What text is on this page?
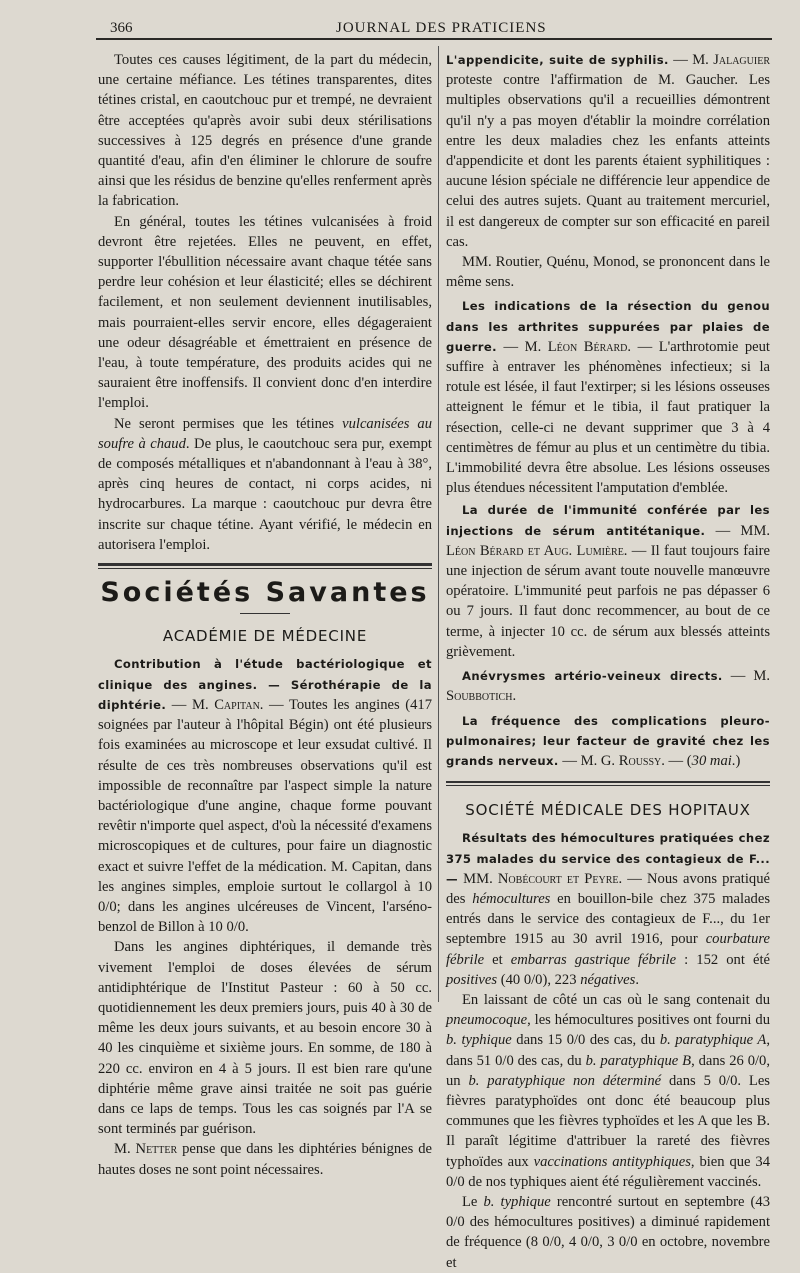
366	JOURNAL DES PRATICIENS

Toutes ces causes légitiment, de la part du médecin, une certaine méfiance. Les tétines transparentes, dites tétines cristal, en caoutchouc pur et trempé, ne devraient être acceptées qu'après avoir subi deux stérilisations successives à 125 degrés en présence d'une grande quantité d'eau, afin d'en éliminer le chlorure de soufre ainsi que les résidus de benzine qu'elles renferment après la fabrication.

En général, toutes les tétines vulcanisées à froid devront être rejetées. Elles ne peuvent, en effet, supporter l'ébullition nécessaire avant chaque tétée sans perdre leur cohésion et leur élasticité; elles se déchirent facilement, et non seulement deviennent inutilisables, mais pourraient-elles servir encore, elles dégageraient une odeur désagréable et émettraient en présence de l'eau, à toute température, des produits acides qui ne sauraient être inoffensifs. Il convient donc d'en interdire l'emploi.

Ne seront permises que les tétines vulcanisées au soufre à chaud. De plus, le caoutchouc sera pur, exempt de composés métalliques et n'abandonnant à l'eau à 38°, après cinq heures de contact, ni corps acides, ni hydrocarbures. La marque : caoutchouc pur devra être inscrite sur chaque tétine. Ayant vérifié, le médecin en autorisera l'emploi.

Sociétés Savantes
ACADÉMIE DE MÉDECINE

Contribution à l'étude bactériologique et clinique des angines. — Sérothérapie de la diphtérie. — M. Capitan. — Toutes les angines (417 soignées par l'auteur à l'hôpital Bégin) ont été plusieurs fois examinées au microscope et leur exsudat cultivé. Il résulte de ces très nombreuses observations qu'il est impossible de reconnaître par l'aspect simple la nature bactériologique d'une angine, chaque forme pouvant revêtir n'importe quel aspect, d'où la nécessité d'examens microscopiques et de cultures, pour faire un diagnostic exact et suivre l'effet de la médication. M. Capitan, dans les angines simples, emploie surtout le collargol à 10 0/0; dans les angines ulcéreuses de Vincent, l'arséno-benzol de Billon à 10 0/0.

Dans les angines diphtériques, il demande très vivement l'emploi de doses élevées de sérum antidiphtérique de l'Institut Pasteur : 60 à 50 cc. quotidiennement les deux premiers jours, puis 40 à 30 de même les deux jours suivants, et au besoin encore 30 à 40 les cinquième et sixième jours. En somme, de 180 à 220 cc. environ en 4 à 5 jours. Il est bien rare qu'une diphtérie même grave ainsi traitée ne soit pas guérie dans ce laps de temps. Tous les cas soignés par l'A se sont terminés par guérison.

M. Netter pense que dans les diphtéries bénignes de hautes doses ne sont point nécessaires.

L'appendicite, suite de syphilis. — M. Jalaguier proteste contre l'affirmation de M. Gaucher. Les multiples observations qu'il a recueillies démontrent qu'il n'y a pas moyen d'établir la moindre corrélation entre les deux maladies chez les enfants atteints d'appendicite et dont les parents étaient syphilitiques : aucune lésion spéciale ne différencie leur appendice de celui des autres sujets. Quant au traitement mercuriel, il est dangereux de compter sur son efficacité en pareil cas.

MM. Routier, Quénu, Monod, se prononcent dans le même sens.

Les indications de la résection du genou dans les arthrites suppurées par plaies de guerre. — M. Léon Bérard. — L'arthrotomie peut suffire à entraver les phénomènes infectieux; si la rotule est lésée, il faut l'extirper; si les lésions osseuses atteignent le fémur et le tibia, il faut pratiquer la résection, celle-ci ne devant supprimer que 3 à 4 centimètres de fémur au plus et un centimètre du tibia. L'immobilité devra être absolue. Les lésions osseuses plus étendues nécessitent l'amputation d'emblée.

La durée de l'immunité conférée par les injections de sérum antitétanique. — MM. Léon Bérard et Aug. Lumière. — Il faut toujours faire une injection de sérum avant toute nouvelle manœuvre opératoire. L'immunité peut parfois ne pas dépasser 6 ou 7 jours. Il faut donc recommencer, au bout de ce terme, à injecter 10 cc. de sérum aux blessés atteints grièvement.

Anévrysmes artério-veineux directs. — M. Soubbotich.

La fréquence des complications pleuro-pulmonaires; leur facteur de gravité chez les grands nerveux. — M. G. Roussy. — (30 mai.)

SOCIÉTÉ MÉDICALE DES HOPITAUX

Résultats des hémocultures pratiquées chez 375 malades du service des contagieux de F... — MM. Nobécourt et Peyre. — Nous avons pratiqué des hémocultures en bouillon-bile chez 375 malades entrés dans le service des contagieux de F..., du 1er septembre 1915 au 30 avril 1916, pour courbature fébrile et embarras gastrique fébrile : 152 ont été positives (40 0/0), 223 négatives.

En laissant de côté un cas où le sang contenait du pneumocoque, les hémocultures positives ont fourni du b. typhique dans 15 0/0 des cas, du b. paratyphique A, dans 51 0/0 des cas, du b. paratyphique B, dans 26 0/0, un b. paratyphique non déterminé dans 5 0/0. Les fièvres paratyphoïdes ont donc été beaucoup plus communes que les fièvres typhoïdes et les A que les B. Il paraît légitime d'attribuer la rareté des fièvres typhoïdes aux vaccinations antityphiques, bien que 34 0/0 de nos typhiques aient été régulièrement vaccinés.

Le b. typhique rencontré surtout en septembre (43 0/0 des hémocultures positives) a diminué rapidement de fréquence (8 0/0, 4 0/0, 3 0/0 en octobre, novembre et
